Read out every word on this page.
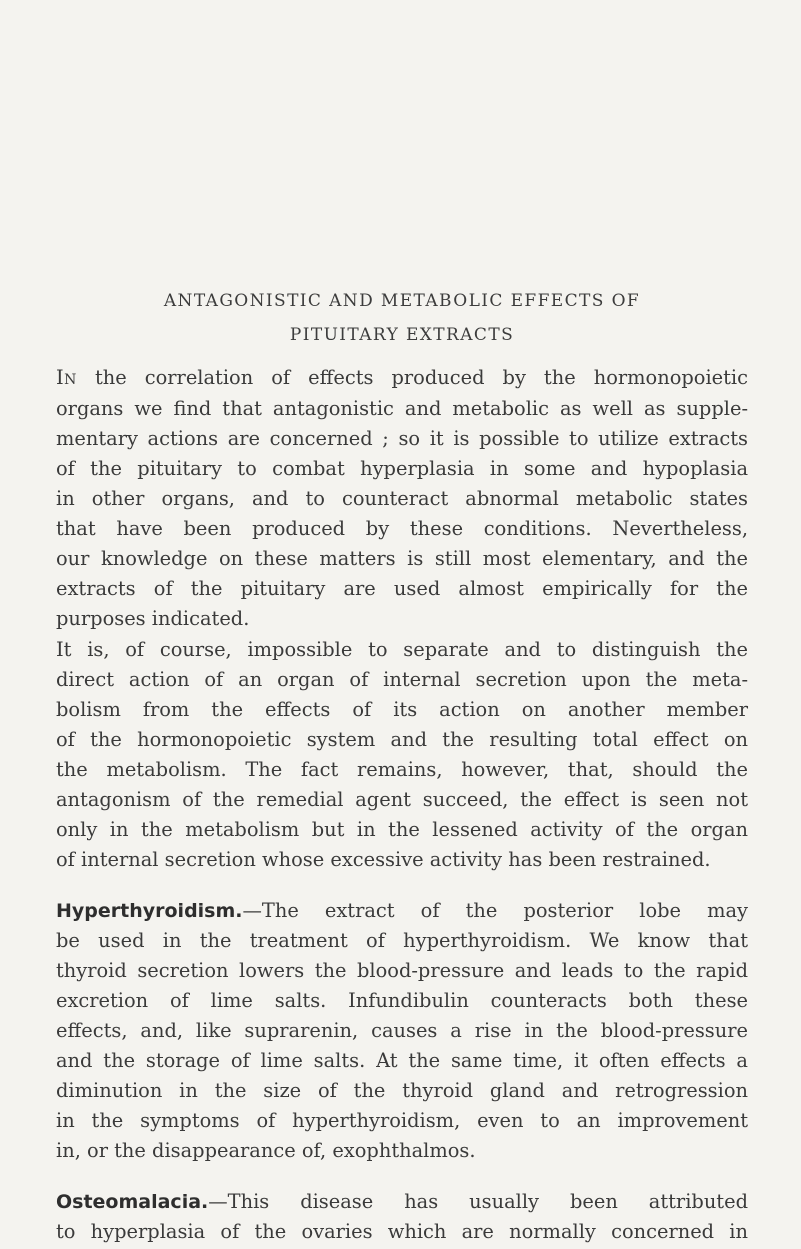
ANTAGONISTIC AND METABOLIC EFFECTS OF
PITUITARY EXTRACTS
In the correlation of effects produced by the hormonopoietic
organs we find that antagonistic and metabolic as well as supple-
mentary actions are concerned ; so it is possible to utilize extracts
of the pituitary to combat hyperplasia in some and hypoplasia
in other organs, and to counteract abnormal metabolic states
that have been produced by these conditions. Nevertheless,
our knowledge on these matters is still most elementary, and the
extracts of the pituitary are used almost empirically for the
purposes indicated.
It is, of course, impossible to separate and to distinguish the
direct action of an organ of internal secretion upon the meta-
bolism from the effects of its action on another member
of the hormonopoietic system and the resulting total effect on
the metabolism. The fact remains, however, that, should the
antagonism of the remedial agent succeed, the effect is seen not
only in the metabolism but in the lessened activity of the organ
of internal secretion whose excessive activity has been restrained.
Hyperthyroidism.—The extract of the posterior lobe may
be used in the treatment of hyperthyroidism. We know that
thyroid secretion lowers the blood-pressure and leads to the rapid
excretion of lime salts. Infundibulin counteracts both these
effects, and, like suprarenin, causes a rise in the blood-pressure
and the storage of lime salts. At the same time, it often effects a
diminution in the size of the thyroid gland and retrogression
in the symptoms of hyperthyroidism, even to an improvement
in, or the disappearance of, exophthalmos.
Osteomalacia.—This disease has usually been attributed
to hyperplasia of the ovaries which are normally concerned in
